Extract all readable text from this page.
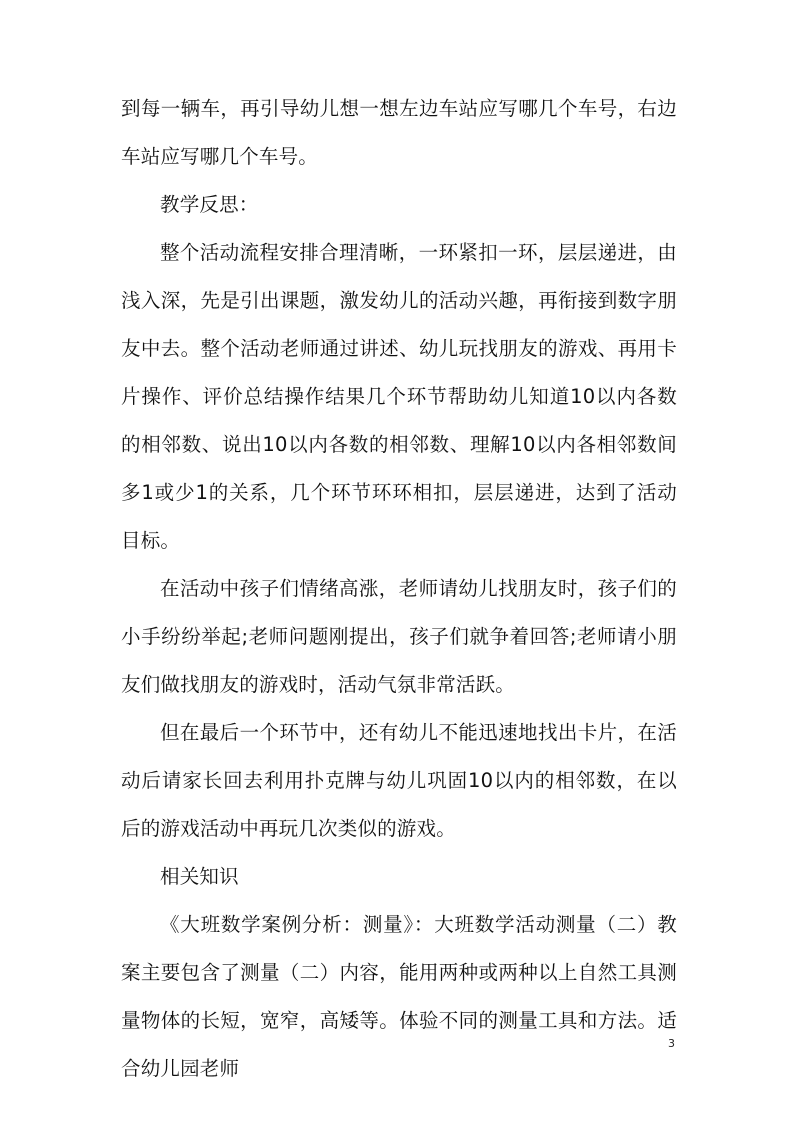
到每一辆车，再引导幼儿想一想左边车站应写哪几个车号，右边车站应写哪几个车号。

教学反思：

整个活动流程安排合理清晰，一环紧扣一环，层层递进，由浅入深，先是引出课题，激发幼儿的活动兴趣，再衔接到数字朋友中去。整个活动老师通过讲述、幼儿玩找朋友的游戏、再用卡片操作、评价总结操作结果几个环节帮助幼儿知道10以内各数的相邻数、说出10以内各数的相邻数、理解10以内各相邻数间多1或少1的关系，几个环节环环相扣，层层递进，达到了活动目标。

在活动中孩子们情绪高涨，老师请幼儿找朋友时，孩子们的小手纷纷举起;老师问题刚提出，孩子们就争着回答;老师请小朋友们做找朋友的游戏时，活动气氛非常活跃。

但在最后一个环节中，还有幼儿不能迅速地找出卡片，在活动后请家长回去利用扑克牌与幼儿巩固10以内的相邻数，在以后的游戏活动中再玩几次类似的游戏。

相关知识

《大班数学案例分析：测量》：大班数学活动测量（二）教案主要包含了测量（二）内容，能用两种或两种以上自然工具测量物体的长短，宽窄，高矮等。体验不同的测量工具和方法。适合幼儿园老师

3
